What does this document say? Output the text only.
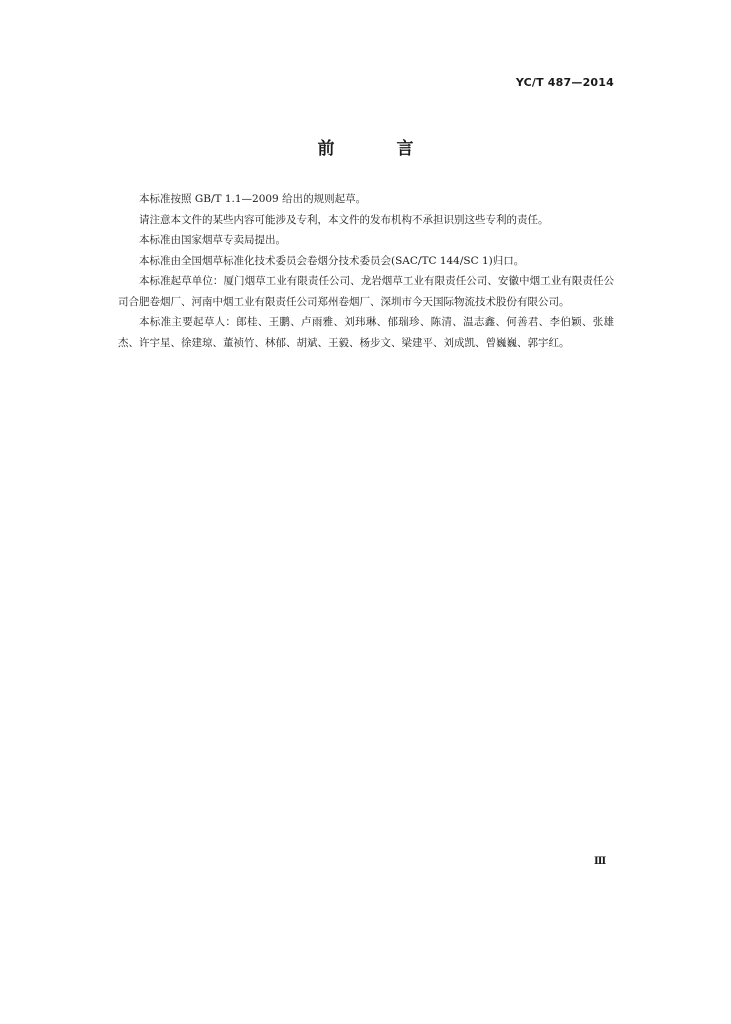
YC/T 487—2014
前 言

本标准按照 GB/T 1.1—2009 给出的规则起草。

请注意本文件的某些内容可能涉及专利，本文件的发布机构不承担识别这些专利的责任。

本标准由国家烟草专卖局提出。

本标准由全国烟草标准化技术委员会卷烟分技术委员会(SAC/TC 144/SC 1)归口。

本标准起草单位：厦门烟草工业有限责任公司、龙岩烟草工业有限责任公司、安徽中烟工业有限责任公司合肥卷烟厂、河南中烟工业有限责任公司郑州卷烟厂、深圳市今天国际物流技术股份有限公司。

本标准主要起草人：郎桂、王鹏、卢雨雅、刘玮琳、郁瑞珍、陈清、温志鑫、何善君、李伯颖、张雄杰、许宇星、徐建琼、董祯竹、林郁、胡斌、王毅、杨步文、梁建平、刘成凯、曾巍巍、郭宇红。

Ⅲ
